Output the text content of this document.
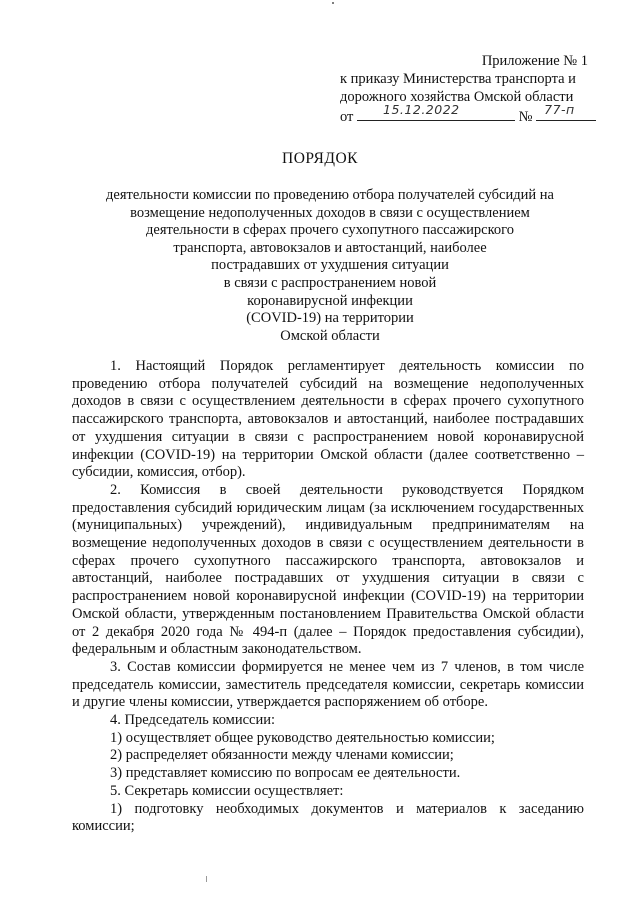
Приложение № 1
к приказу Министерства транспорта и
дорожного хозяйства Омской области
от 15.12.2022	№ 77-п
ПОРЯДОК
деятельности комиссии по проведению отбора получателей субсидий на
возмещение недополученных доходов в связи с осуществлением
деятельности в сферах прочего сухопутного пассажирского
транспорта, автовокзалов и автостанций, наиболее
пострадавших от ухудшения ситуации
в связи с распространением новой
коронавирусной инфекции
(COVID-19) на территории
Омской области

1. Настоящий Порядок регламентирует деятельность комиссии по проведению отбора получателей субсидий на возмещение недополученных доходов в связи с осуществлением деятельности в сферах прочего сухопутного пассажирского транспорта, автовокзалов и автостанций, наиболее пострадавших от ухудшения ситуации в связи с распространением новой коронавирусной инфекции (COVID-19) на территории Омской области (далее соответственно – субсидии, комиссия, отбор).

2. Комиссия в своей деятельности руководствуется Порядком предоставления субсидий юридическим лицам (за исключением государственных (муниципальных) учреждений), индивидуальным предпринимателям на возмещение недополученных доходов в связи с осуществлением деятельности в сферах прочего сухопутного пассажирского транспорта, автовокзалов и автостанций, наиболее пострадавших от ухудшения ситуации в связи с распространением новой коронавирусной инфекции (COVID-19) на территории Омской области, утвержденным постановлением Правительства Омской области от 2 декабря 2020 года № 494-п (далее – Порядок предоставления субсидии), федеральным и областным законодательством.

3. Состав комиссии формируется не менее чем из 7 членов, в том числе председатель комиссии, заместитель председателя комиссии, секретарь комиссии и другие члены комиссии, утверждается распоряжением об отборе.

4. Председатель комиссии:

1) осуществляет общее руководство деятельностью комиссии;

2) распределяет обязанности между членами комиссии;

3) представляет комиссию по вопросам ее деятельности.

5. Секретарь комиссии осуществляет:

1) подготовку необходимых документов и материалов к заседанию комиссии;
